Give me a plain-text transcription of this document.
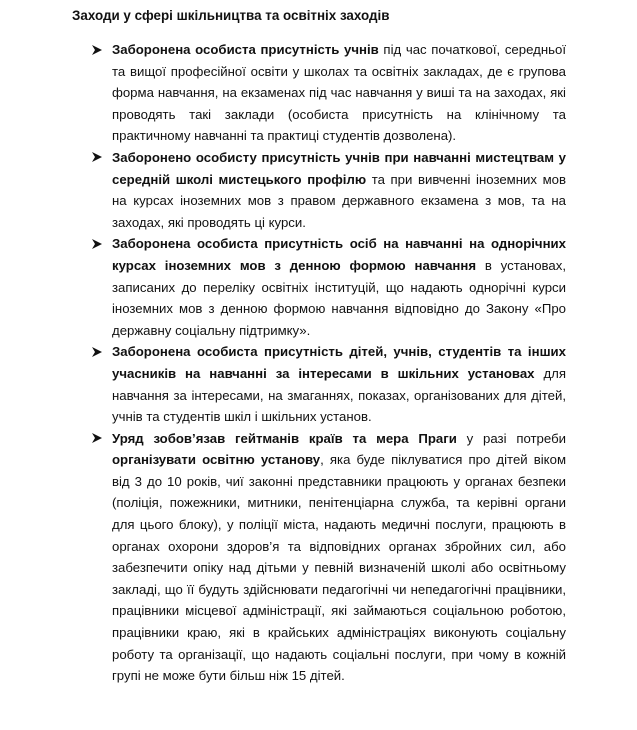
Заходи у сфері шкільництва та освітніх заходів

Заборонена особиста присутність учнів під час початкової, середньої та вищої професійної освіти у школах та освітніх закладах, де є групова форма навчання, на екзаменах під час навчання у виші та на заходах, які проводять такі заклади (особиста присутність на клінічному та практичному навчанні та практиці студентів дозволена).

Заборонено особисту присутність учнів при навчанні мистецтвам у середній школі мистецького профілю та при вивченні іноземних мов на курсах іноземних мов з правом державного екзамена з мов, та на заходах, які проводять ці курси.

Заборонена особиста присутність осіб на навчанні на однорічних курсах іноземних мов з денною формою навчання в установах, записаних до переліку освітніх інституцій, що надають однорічні курси іноземних мов з денною формою навчання відповідно до Закону «Про державну соціальну підтримку».

Заборонена особиста присутність дітей, учнів, студентів та інших учасників на навчанні за інтересами в шкільних установах для навчання за інтересами, на змаганнях, показах, організованих для дітей, учнів та студентів шкіл і шкільних установ.

Уряд зобов’язав гейтманів країв та мера Праги у разі потреби організувати освітню установу, яка буде піклуватися про дітей віком від 3 до 10 років, чиї законні представники працюють у органах безпеки (поліція, пожежники, митники, пенітенціарна служба, та керівні органи для цього блоку), у поліції міста, надають медичні послуги, працюють в органах охорони здоров’я та відповідних органах збройних сил, або забезпечити опіку над дітьми у певній визначеній школі або освітньому закладі, що її будуть здійснювати педагогічні чи непедагогічні працівники, працівники місцевої адміністрації, які займаються соціальною роботою, працівники краю, які в крайських адміністраціях виконують соціальну роботу та організації, що надають соціальні послуги, при чому в кожній групі не може бути більш ніж 15 дітей.
